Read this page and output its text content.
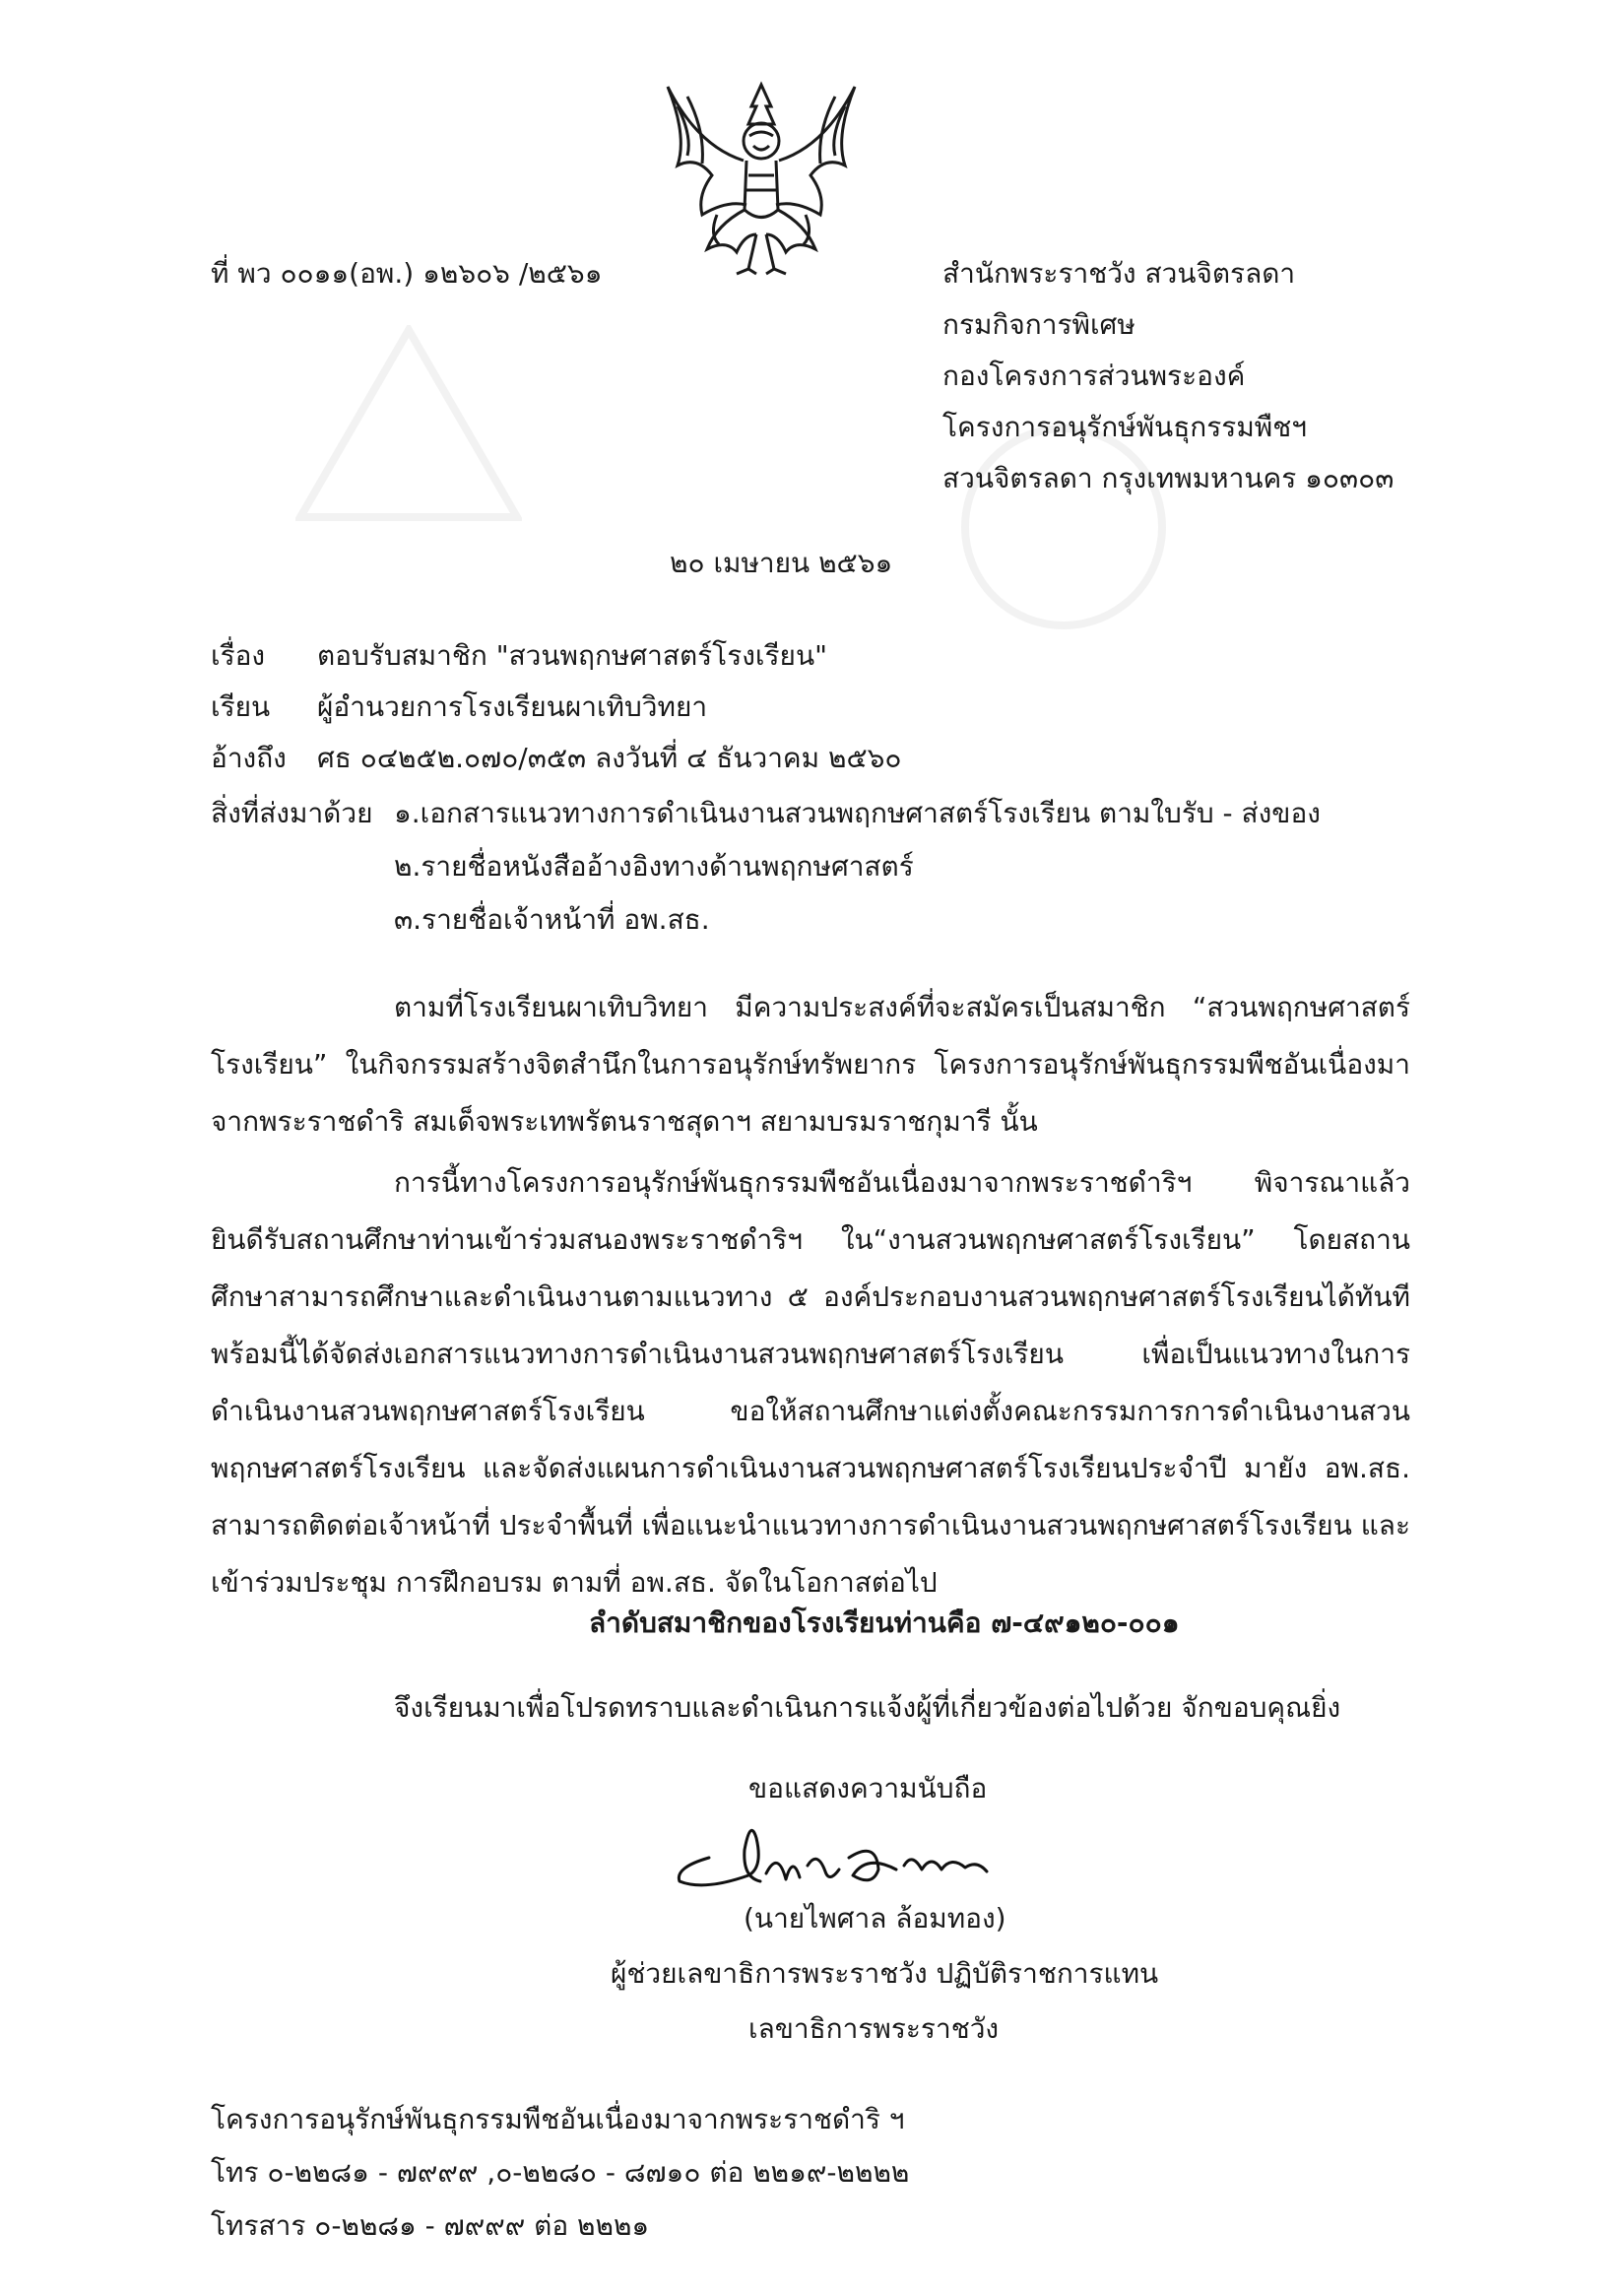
ที่ พว ๐๐๑๑(อพ.) ๑๒๖๐๖ /๒๕๖๑	สำนักพระราชวัง สวนจิตรลดา
กรมกิจการพิเศษ
กองโครงการส่วนพระองค์
โครงการอนุรักษ์พันธุกรรมพืชฯ
สวนจิตรลดา กรุงเทพมหานคร ๑๐๓๐๓
๒๐ เมษายน ๒๕๖๑
เรื่อง ตอบรับสมาชิก "สวนพฤกษศาสตร์โรงเรียน"
เรียน ผู้อำนวยการโรงเรียนผาเทิบวิทยา
อ้างถึง ศธ ๐๔๒๕๒.๐๗๐/๓๕๓ ลงวันที่ ๔ ธันวาคม ๒๕๖๐
สิ่งที่ส่งมาด้วย ๑.เอกสารแนวทางการดำเนินงานสวนพฤกษศาสตร์โรงเรียน ตามใบรับ - ส่งของ
๒.รายชื่อหนังสืออ้างอิงทางด้านพฤกษศาสตร์
๓.รายชื่อเจ้าหน้าที่ อพ.สธ.
ตามที่โรงเรียนผาเทิบวิทยา มีความประสงค์ที่จะสมัครเป็นสมาชิก “สวนพฤกษศาสตร์โรงเรียน” ในกิจกรรมสร้างจิตสำนึกในการอนุรักษ์ทรัพยากร โครงการอนุรักษ์พันธุกรรมพืชอันเนื่องมาจากพระราชดำริ สมเด็จพระเทพรัตนราชสุดาฯ สยามบรมราชกุมารี นั้น
การนี้ทางโครงการอนุรักษ์พันธุกรรมพืชอันเนื่องมาจากพระราชดำริฯ พิจารณาแล้ว ยินดีรับสถานศึกษาท่านเข้าร่วมสนองพระราชดำริฯ ใน“งานสวนพฤกษศาสตร์โรงเรียน” โดยสถานศึกษาสามารถศึกษาและดำเนินงานตามแนวทาง ๕ องค์ประกอบงานสวนพฤกษศาสตร์โรงเรียนได้ทันที พร้อมนี้ได้จัดส่งเอกสารแนวทางการดำเนินงานสวนพฤกษศาสตร์โรงเรียน เพื่อเป็นแนวทางในการดำเนินงานสวนพฤกษศาสตร์โรงเรียน ขอให้สถานศึกษาแต่งตั้งคณะกรรมการการดำเนินงานสวนพฤกษศาสตร์โรงเรียน และจัดส่งแผนการดำเนินงานสวนพฤกษศาสตร์โรงเรียนประจำปี มายัง อพ.สธ. สามารถติดต่อเจ้าหน้าที่ ประจำพื้นที่ เพื่อแนะนำแนวทางการดำเนินงานสวนพฤกษศาสตร์โรงเรียน และเข้าร่วมประชุม การฝึกอบรม ตามที่ อพ.สธ. จัดในโอกาสต่อไป
ลำดับสมาชิกของโรงเรียนท่านคือ ๗-๔๙๑๒๐-๐๐๑
จึงเรียนมาเพื่อโปรดทราบและดำเนินการแจ้งผู้ที่เกี่ยวข้องต่อไปด้วย จักขอบคุณยิ่ง
ขอแสดงความนับถือ
(นายไพศาล ล้อมทอง)
ผู้ช่วยเลขาธิการพระราชวัง ปฏิบัติราชการแทน
เลขาธิการพระราชวัง
โครงการอนุรักษ์พันธุกรรมพืชอันเนื่องมาจากพระราชดำริ ฯ
โทร ๐-๒๒๘๑ - ๗๙๙๙ ,๐-๒๒๘๐ - ๘๗๑๐ ต่อ ๒๒๑๙-๒๒๒๒
โทรสาร ๐-๒๒๘๑ - ๗๙๙๙ ต่อ ๒๒๒๑
